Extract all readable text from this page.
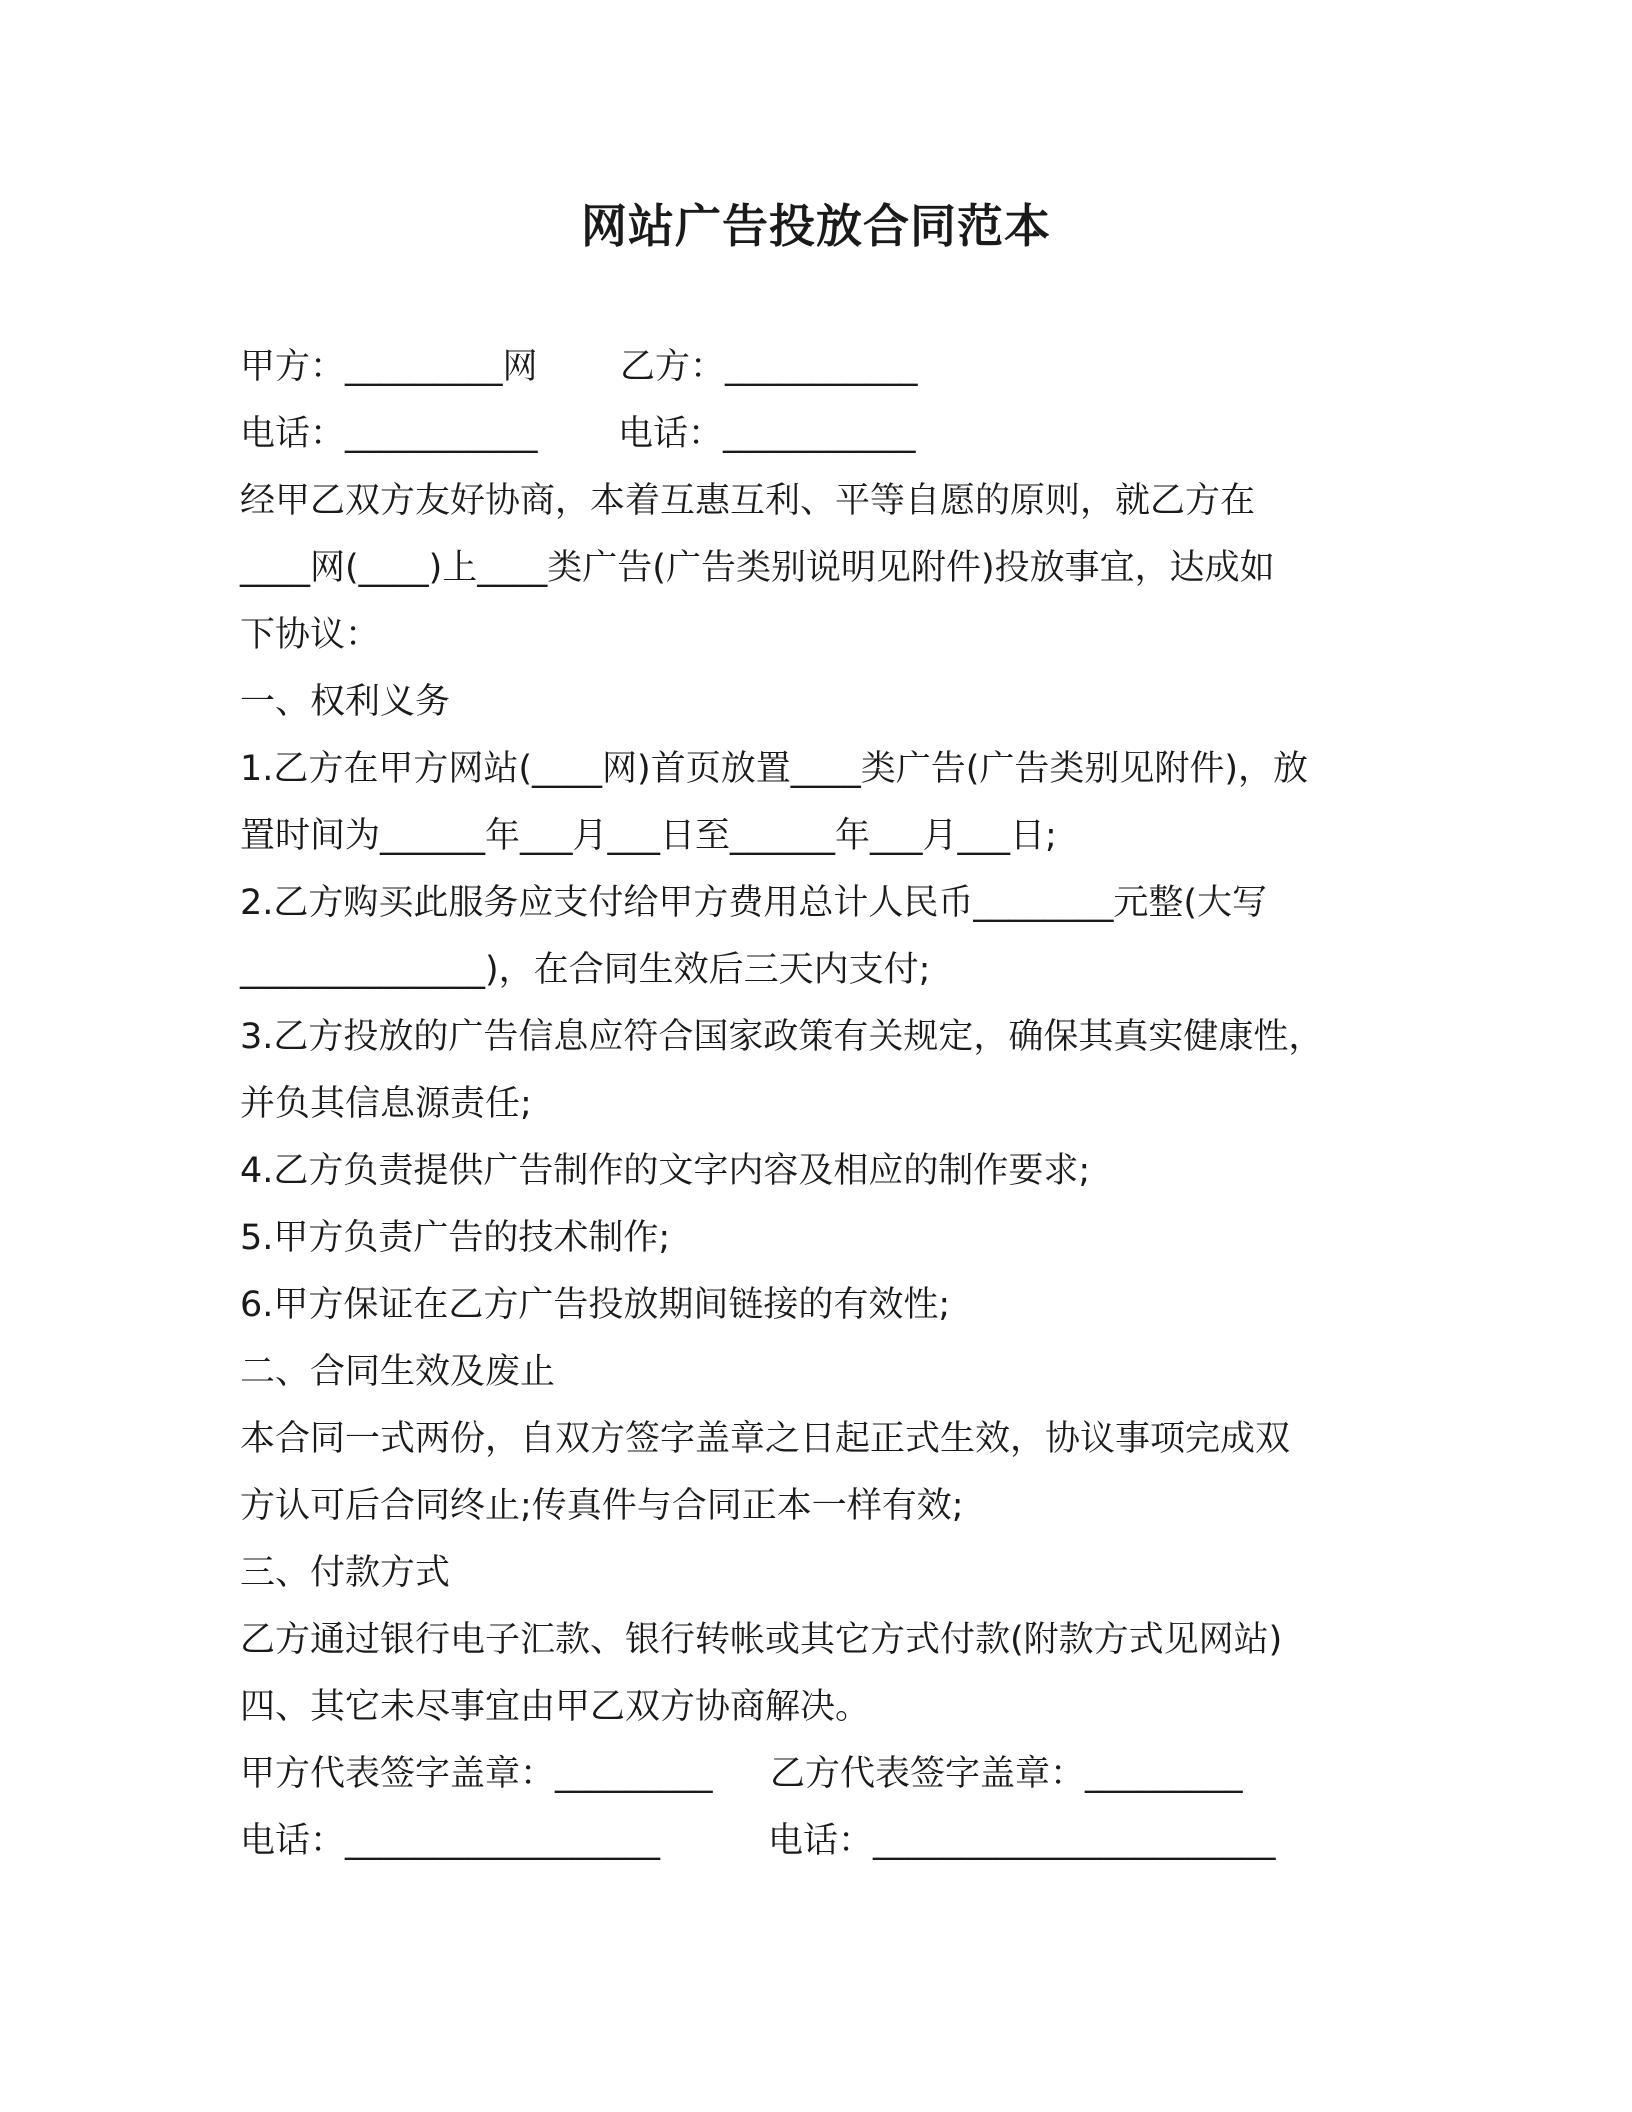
网站广告投放合同范本

甲方：_________网 乙方：___________

电话：___________ 电话：___________

经甲乙双方友好协商，本着互惠互利、平等自愿的原则，就乙方在

____网(____)上____类广告(广告类别说明见附件)投放事宜，达成如

下协议：

一、权利义务

1.乙方在甲方网站(____网)首页放置____类广告(广告类别见附件)，放

置时间为______年___月___日至______年___月___日;

2.乙方购买此服务应支付给甲方费用总计人民币________元整(大写

______________)，在合同生效后三天内支付;

3.乙方投放的广告信息应符合国家政策有关规定，确保其真实健康性，

并负其信息源责任;

4.乙方负责提供广告制作的文字内容及相应的制作要求;

5.甲方负责广告的技术制作;

6.甲方保证在乙方广告投放期间链接的有效性;

二、合同生效及废止

本合同一式两份，自双方签字盖章之日起正式生效，协议事项完成双

方认可后合同终止;传真件与合同正本一样有效;

三、付款方式

乙方通过银行电子汇款、银行转帐或其它方式付款(附款方式见网站)

四、其它未尽事宜由甲乙双方协商解决。

甲方代表签字盖章：_________ 乙方代表签字盖章：_________

电话：__________________	电话：_______________________
